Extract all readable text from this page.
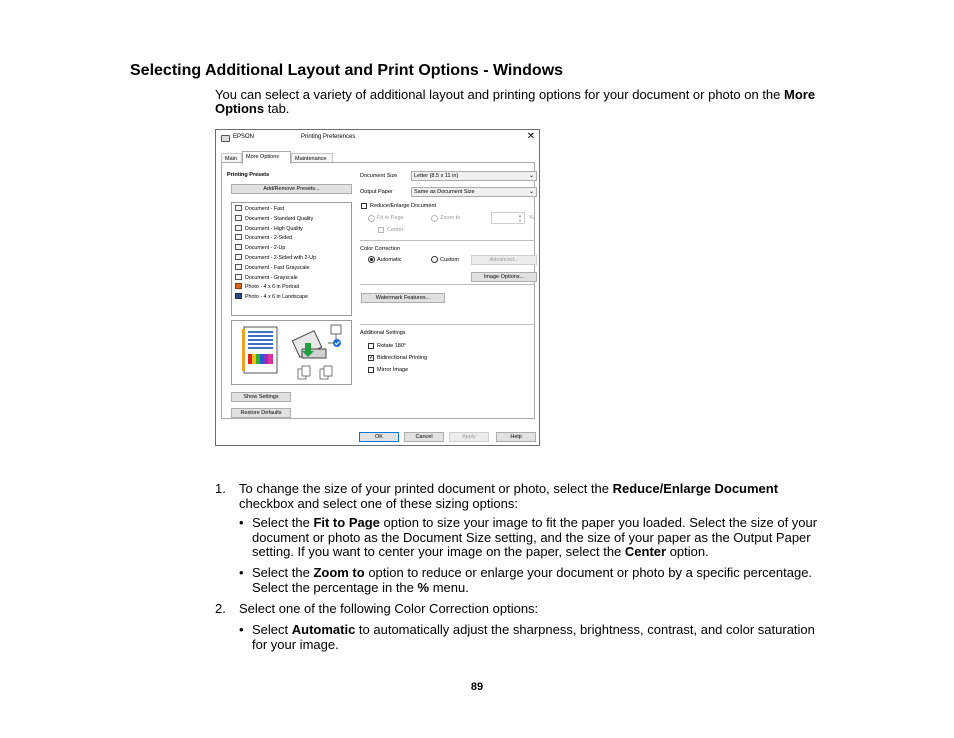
Selecting Additional Layout and Print Options - Windows
You can select a variety of additional layout and printing options for your document or photo on the More Options tab.
EPSON	Printing Preferences	✕
Main	More Options	Maintenance
Printing Presets
Add/Remove Presets...
Document - Fast
Document - Standard Quality
Document - High Quality
Document - 2-Sided
Document - 2-Up
Document - 2-Sided with 2-Up
Document - Fast Grayscale
Document - Grayscale
Photo - 4 x 6 in Portrait
Photo - 4 x 6 in Landscape
Show Settings
Restore Defaults
Document Size	Letter (8.5 x 11 in)	⌄
Output Paper	Same as Document Size	⌄
Reduce/Enlarge Document
Fit to Page	Zoom to	▲
▼ %
Center
Color Correction
Automatic	Custom	Advanced...
Image Options...
Watermark Features...
Additional Settings
Rotate 180°
✓ Bidirectional Printing
Mirror Image
OK	Cancel	Apply	Help
1. To change the size of your printed document or photo, select the Reduce/Enlarge Document checkbox and select one of these sizing options:
• Select the Fit to Page option to size your image to fit the paper you loaded. Select the size of your document or photo as the Document Size setting, and the size of your paper as the Output Paper setting. If you want to center your image on the paper, select the Center option.
• Select the Zoom to option to reduce or enlarge your document or photo by a specific percentage. Select the percentage in the % menu.
2. Select one of the following Color Correction options:
• Select Automatic to automatically adjust the sharpness, brightness, contrast, and color saturation for your image.
89
